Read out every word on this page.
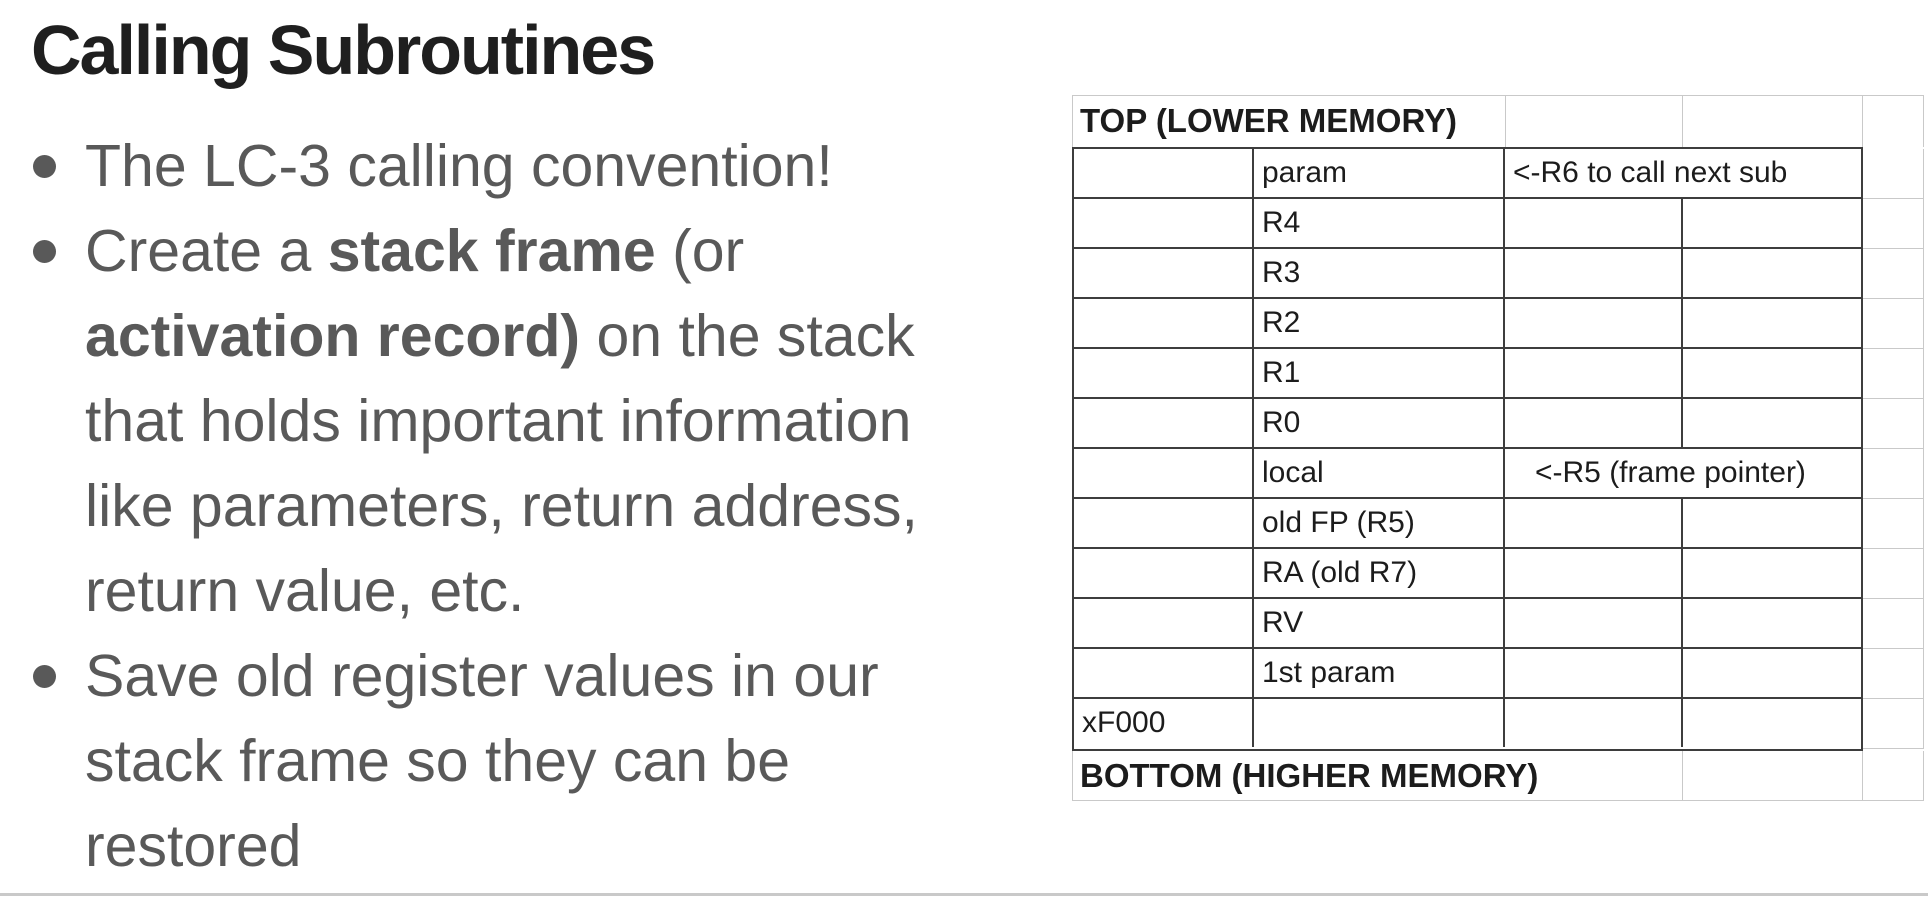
Calling Subroutines
The LC-3 calling convention!
Create a stack frame (or
activation record) on the stack
that holds important information
like parameters, return address,
return value, etc.
Save old register values in our
stack frame so they can be
restored
TOP (LOWER MEMORY)
param	<-R6 to call next sub
R4
R3
R2
R1
R0
local	<-R5 (frame pointer)
old FP (R5)
RA (old R7)
RV
1st param
xF000
BOTTOM (HIGHER MEMORY)
